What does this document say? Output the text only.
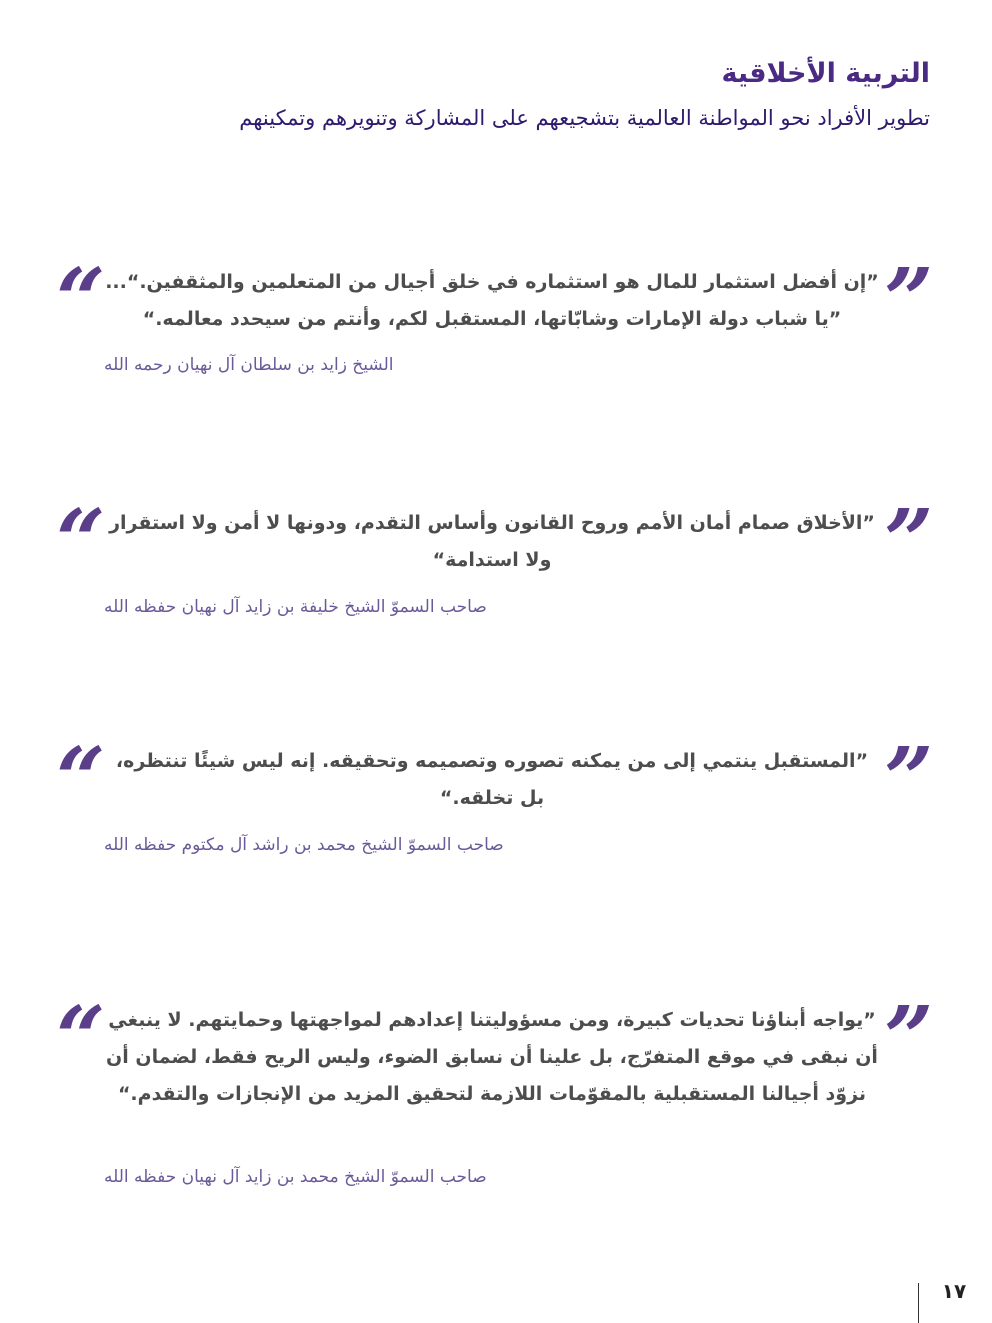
التربية الأخلاقية

تطوير الأفراد نحو المواطنة العالمية بتشجيعهم على المشاركة وتنويرهم وتمكينهم

“	”

”إن أفضل استثمار للمال هو استثماره في خلق أجيال من المتعلمين والمثقفين.“... ”يا شباب دولة الإمارات وشابّاتها، المستقبل لكم، وأنتم من سيحدد معالمه.“

الشيخ زايد بن سلطان آل نهيان رحمه الله

“	”

”الأخلاق صمام أمان الأمم وروح القانون وأساس التقدم، ودونها لا أمن ولا استقرار ولا استدامة“

صاحب السموّ الشيخ خليفة بن زايد آل نهيان حفظه الله

“	”

”المستقبل ينتمي إلى من يمكنه تصوره وتصميمه وتحقيقه. إنه ليس شيئًا تنتظره، بل تخلقه.“

صاحب السموّ الشيخ محمد بن راشد آل مكتوم حفظه الله

“	”

”يواجه أبناؤنا تحديات كبيرة، ومن مسؤوليتنا إعدادهم لمواجهتها وحمايتهم. لا ينبغي أن نبقى في موقع المتفرّج، بل علينا أن نسابق الضوء، وليس الريح فقط، لضمان أن نزوّد أجيالنا المستقبلية بالمقوّمات اللازمة لتحقيق المزيد من الإنجازات والتقدم.“

صاحب السموّ الشيخ محمد بن زايد آل نهيان حفظه الله

١٧
